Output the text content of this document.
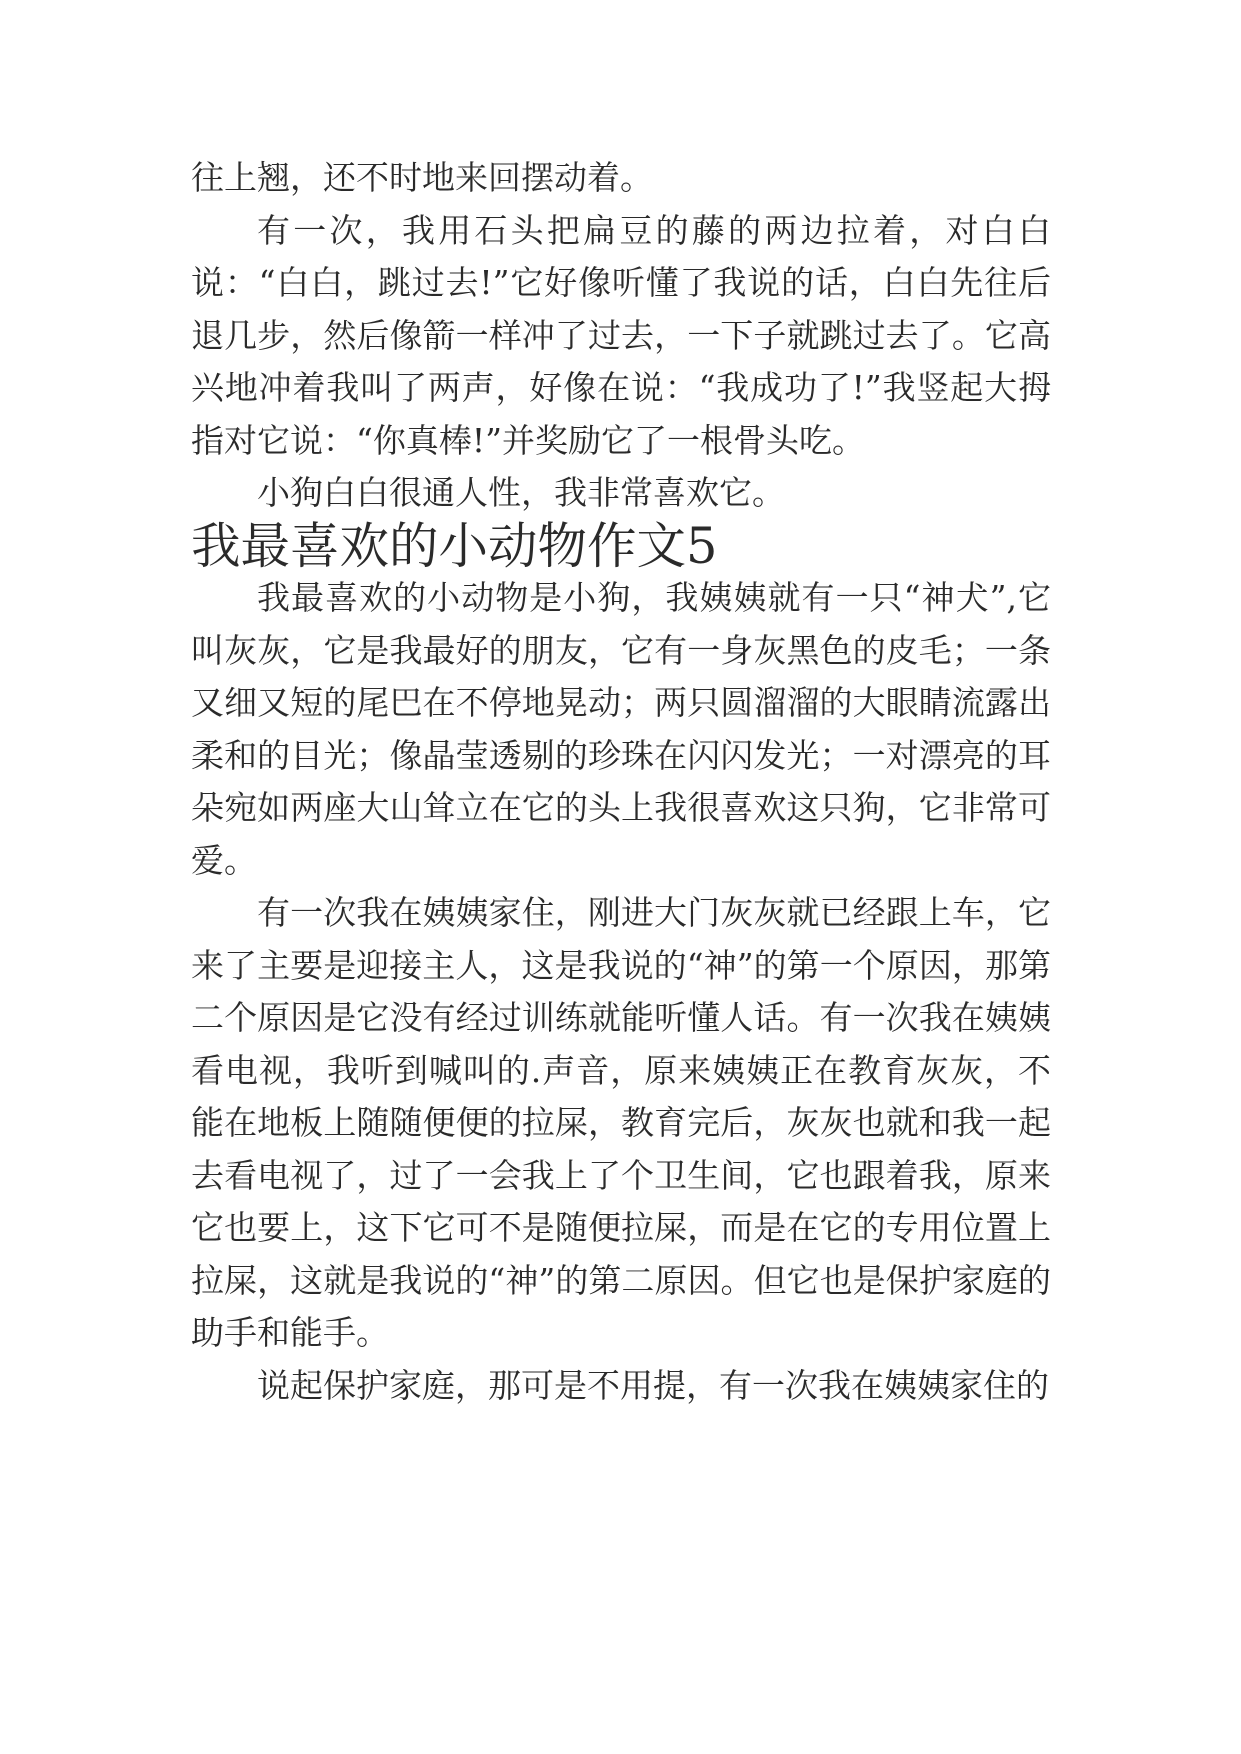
往上翘，还不时地来回摆动着。

有一次，我用石头把扁豆的藤的两边拉着，对白白说：“白白，跳过去!”它好像听懂了我说的话，白白先往后退几步，然后像箭一样冲了过去，一下子就跳过去了。它高兴地冲着我叫了两声，好像在说：“我成功了!”我竖起大拇指对它说：“你真棒!”并奖励它了一根骨头吃。

小狗白白很通人性，我非常喜欢它。

我最喜欢的小动物作文5

我最喜欢的小动物是小狗，我姨姨就有一只“神犬”,它叫灰灰，它是我最好的朋友，它有一身灰黑色的皮毛；一条又细又短的尾巴在不停地晃动；两只圆溜溜的大眼睛流露出柔和的目光；像晶莹透剔的珍珠在闪闪发光；一对漂亮的耳朵宛如两座大山耸立在它的头上我很喜欢这只狗，它非常可爱。

有一次我在姨姨家住，刚进大门灰灰就已经跟上车，它来了主要是迎接主人，这是我说的“神”的第一个原因，那第二个原因是它没有经过训练就能听懂人话。有一次我在姨姨看电视，我听到喊叫的.声音，原来姨姨正在教育灰灰，不能在地板上随随便便的拉屎，教育完后，灰灰也就和我一起去看电视了，过了一会我上了个卫生间，它也跟着我，原来它也要上，这下它可不是随便拉屎，而是在它的专用位置上拉屎，这就是我说的“神”的第二原因。但它也是保护家庭的助手和能手。

说起保护家庭，那可是不用提，有一次我在姨姨家住的
